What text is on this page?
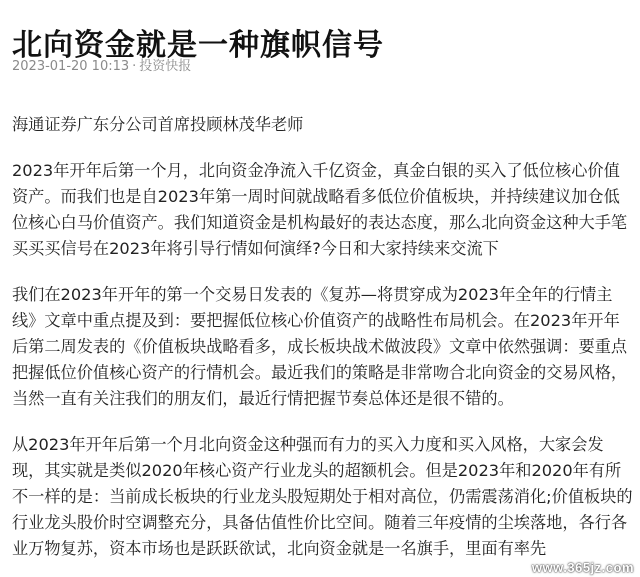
北向资金就是一种旗帜信号
2023-01-20 10:13 · 投资快报

海通证券广东分公司首席投顾林茂华老师

2023年开年后第一个月，北向资金净流入千亿资金，真金白银的买入了低位核心价值资产。而我们也是自2023年第一周时间就战略看多低位价值板块，并持续建议加仓低位核心白马价值资产。我们知道资金是机构最好的表达态度，那么北向资金这种大手笔买买买信号在2023年将引导行情如何演绎?今日和大家持续来交流下

我们在2023年开年的第一个交易日发表的《复苏—将贯穿成为2023年全年的行情主线》文章中重点提及到：要把握低位核心价值资产的战略性布局机会。在2023年开年后第二周发表的《价值板块战略看多，成长板块战术做波段》文章中依然强调：要重点把握低位价值核心资产的行情机会。最近我们的策略是非常吻合北向资金的交易风格，当然一直有关注我们的朋友们，最近行情把握节奏总体还是很不错的。

从2023年开年后第一个月北向资金这种强而有力的买入力度和买入风格，大家会发现，其实就是类似2020年核心资产行业龙头的超额机会。但是2023年和2020年有所不一样的是：当前成长板块的行业龙头股短期处于相对高位，仍需震荡消化;价值板块的行业龙头股价时空调整充分，具备估值性价比空间。随着三年疫情的尘埃落地，各行各业万物复苏，资本市场也是跃跃欲试，北向资金就是一名旗手，里面有率先

www.365jz.com
